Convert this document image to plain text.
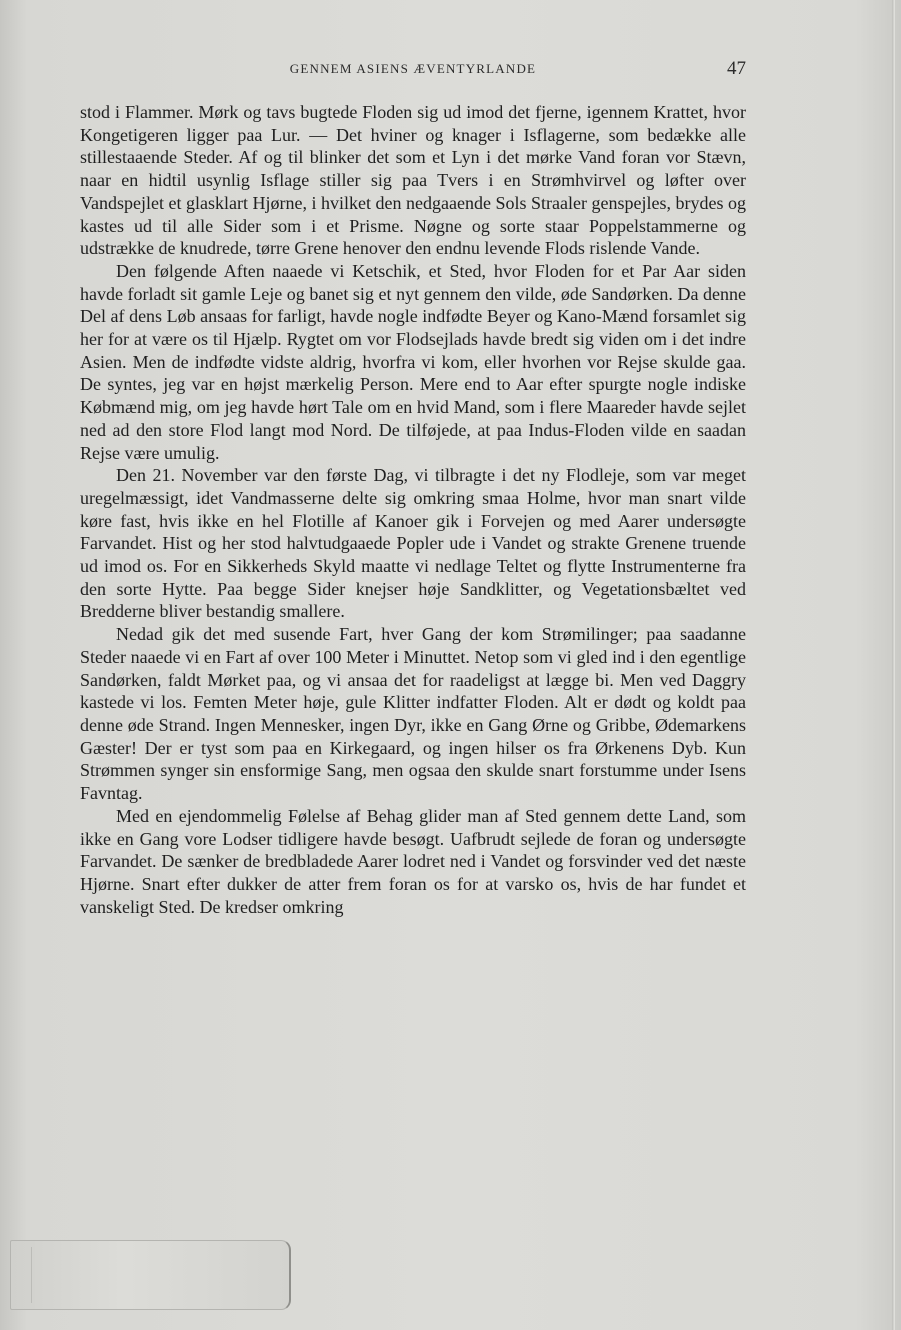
GENNEM ASIENS ÆVENTYRLANDE	47

stod i Flammer. Mørk og tavs bugtede Floden sig ud imod det fjerne, igennem Krattet, hvor Kongetigeren ligger paa Lur. — Det hviner og knager i Isflagerne, som bedække alle stillestaaende Steder. Af og til blinker det som et Lyn i det mørke Vand foran vor Stævn, naar en hidtil usynlig Isflage stiller sig paa Tvers i en Strømhvirvel og løfter over Vandspejlet et glasklart Hjørne, i hvilket den nedgaaende Sols Straaler genspejles, brydes og kastes ud til alle Sider som i et Prisme. Nøgne og sorte staar Poppelstammerne og udstrække de knudrede, tørre Grene henover den endnu levende Flods rislende Vande.

Den følgende Aften naaede vi Ketschik, et Sted, hvor Floden for et Par Aar siden havde forladt sit gamle Leje og banet sig et nyt gennem den vilde, øde Sandørken. Da denne Del af dens Løb ansaas for farligt, havde nogle indfødte Beyer og Kano-Mænd forsamlet sig her for at være os til Hjælp. Rygtet om vor Flodsejlads havde bredt sig viden om i det indre Asien. Men de indfødte vidste aldrig, hvorfra vi kom, eller hvorhen vor Rejse skulde gaa. De syntes, jeg var en højst mærkelig Person. Mere end to Aar efter spurgte nogle indiske Købmænd mig, om jeg havde hørt Tale om en hvid Mand, som i flere Maareder havde sejlet ned ad den store Flod langt mod Nord. De tilføjede, at paa Indus-Floden vilde en saadan Rejse være umulig.

Den 21. November var den første Dag, vi tilbragte i det ny Flodleje, som var meget uregelmæssigt, idet Vandmasserne delte sig omkring smaa Holme, hvor man snart vilde køre fast, hvis ikke en hel Flotille af Kanoer gik i Forvejen og med Aarer undersøgte Farvandet. Hist og her stod halvtudgaaede Popler ude i Vandet og strakte Grenene truende ud imod os. For en Sikkerheds Skyld maatte vi nedlage Teltet og flytte Instrumenterne fra den sorte Hytte. Paa begge Sider knejser høje Sandklitter, og Vegetationsbæltet ved Bredderne bliver bestandig smallere.

Nedad gik det med susende Fart, hver Gang der kom Strømilinger; paa saadanne Steder naaede vi en Fart af over 100 Meter i Minuttet. Netop som vi gled ind i den egentlige Sandørken, faldt Mørket paa, og vi ansaa det for raadeligst at lægge bi. Men ved Daggry kastede vi los. Femten Meter høje, gule Klitter indfatter Floden. Alt er dødt og koldt paa denne øde Strand. Ingen Mennesker, ingen Dyr, ikke en Gang Ørne og Gribbe, Ødemarkens Gæster! Der er tyst som paa en Kirkegaard, og ingen hilser os fra Ørkenens Dyb. Kun Strømmen synger sin ensformige Sang, men ogsaa den skulde snart forstumme under Isens Favntag.

Med en ejendommelig Følelse af Behag glider man af Sted gennem dette Land, som ikke en Gang vore Lodser tidligere havde besøgt. Uafbrudt sejlede de foran og undersøgte Farvandet. De sænker de bredbladede Aarer lodret ned i Vandet og forsvinder ved det næste Hjørne. Snart efter dukker de atter frem foran os for at varsko os, hvis de har fundet et vanskeligt Sted. De kredser omkring
